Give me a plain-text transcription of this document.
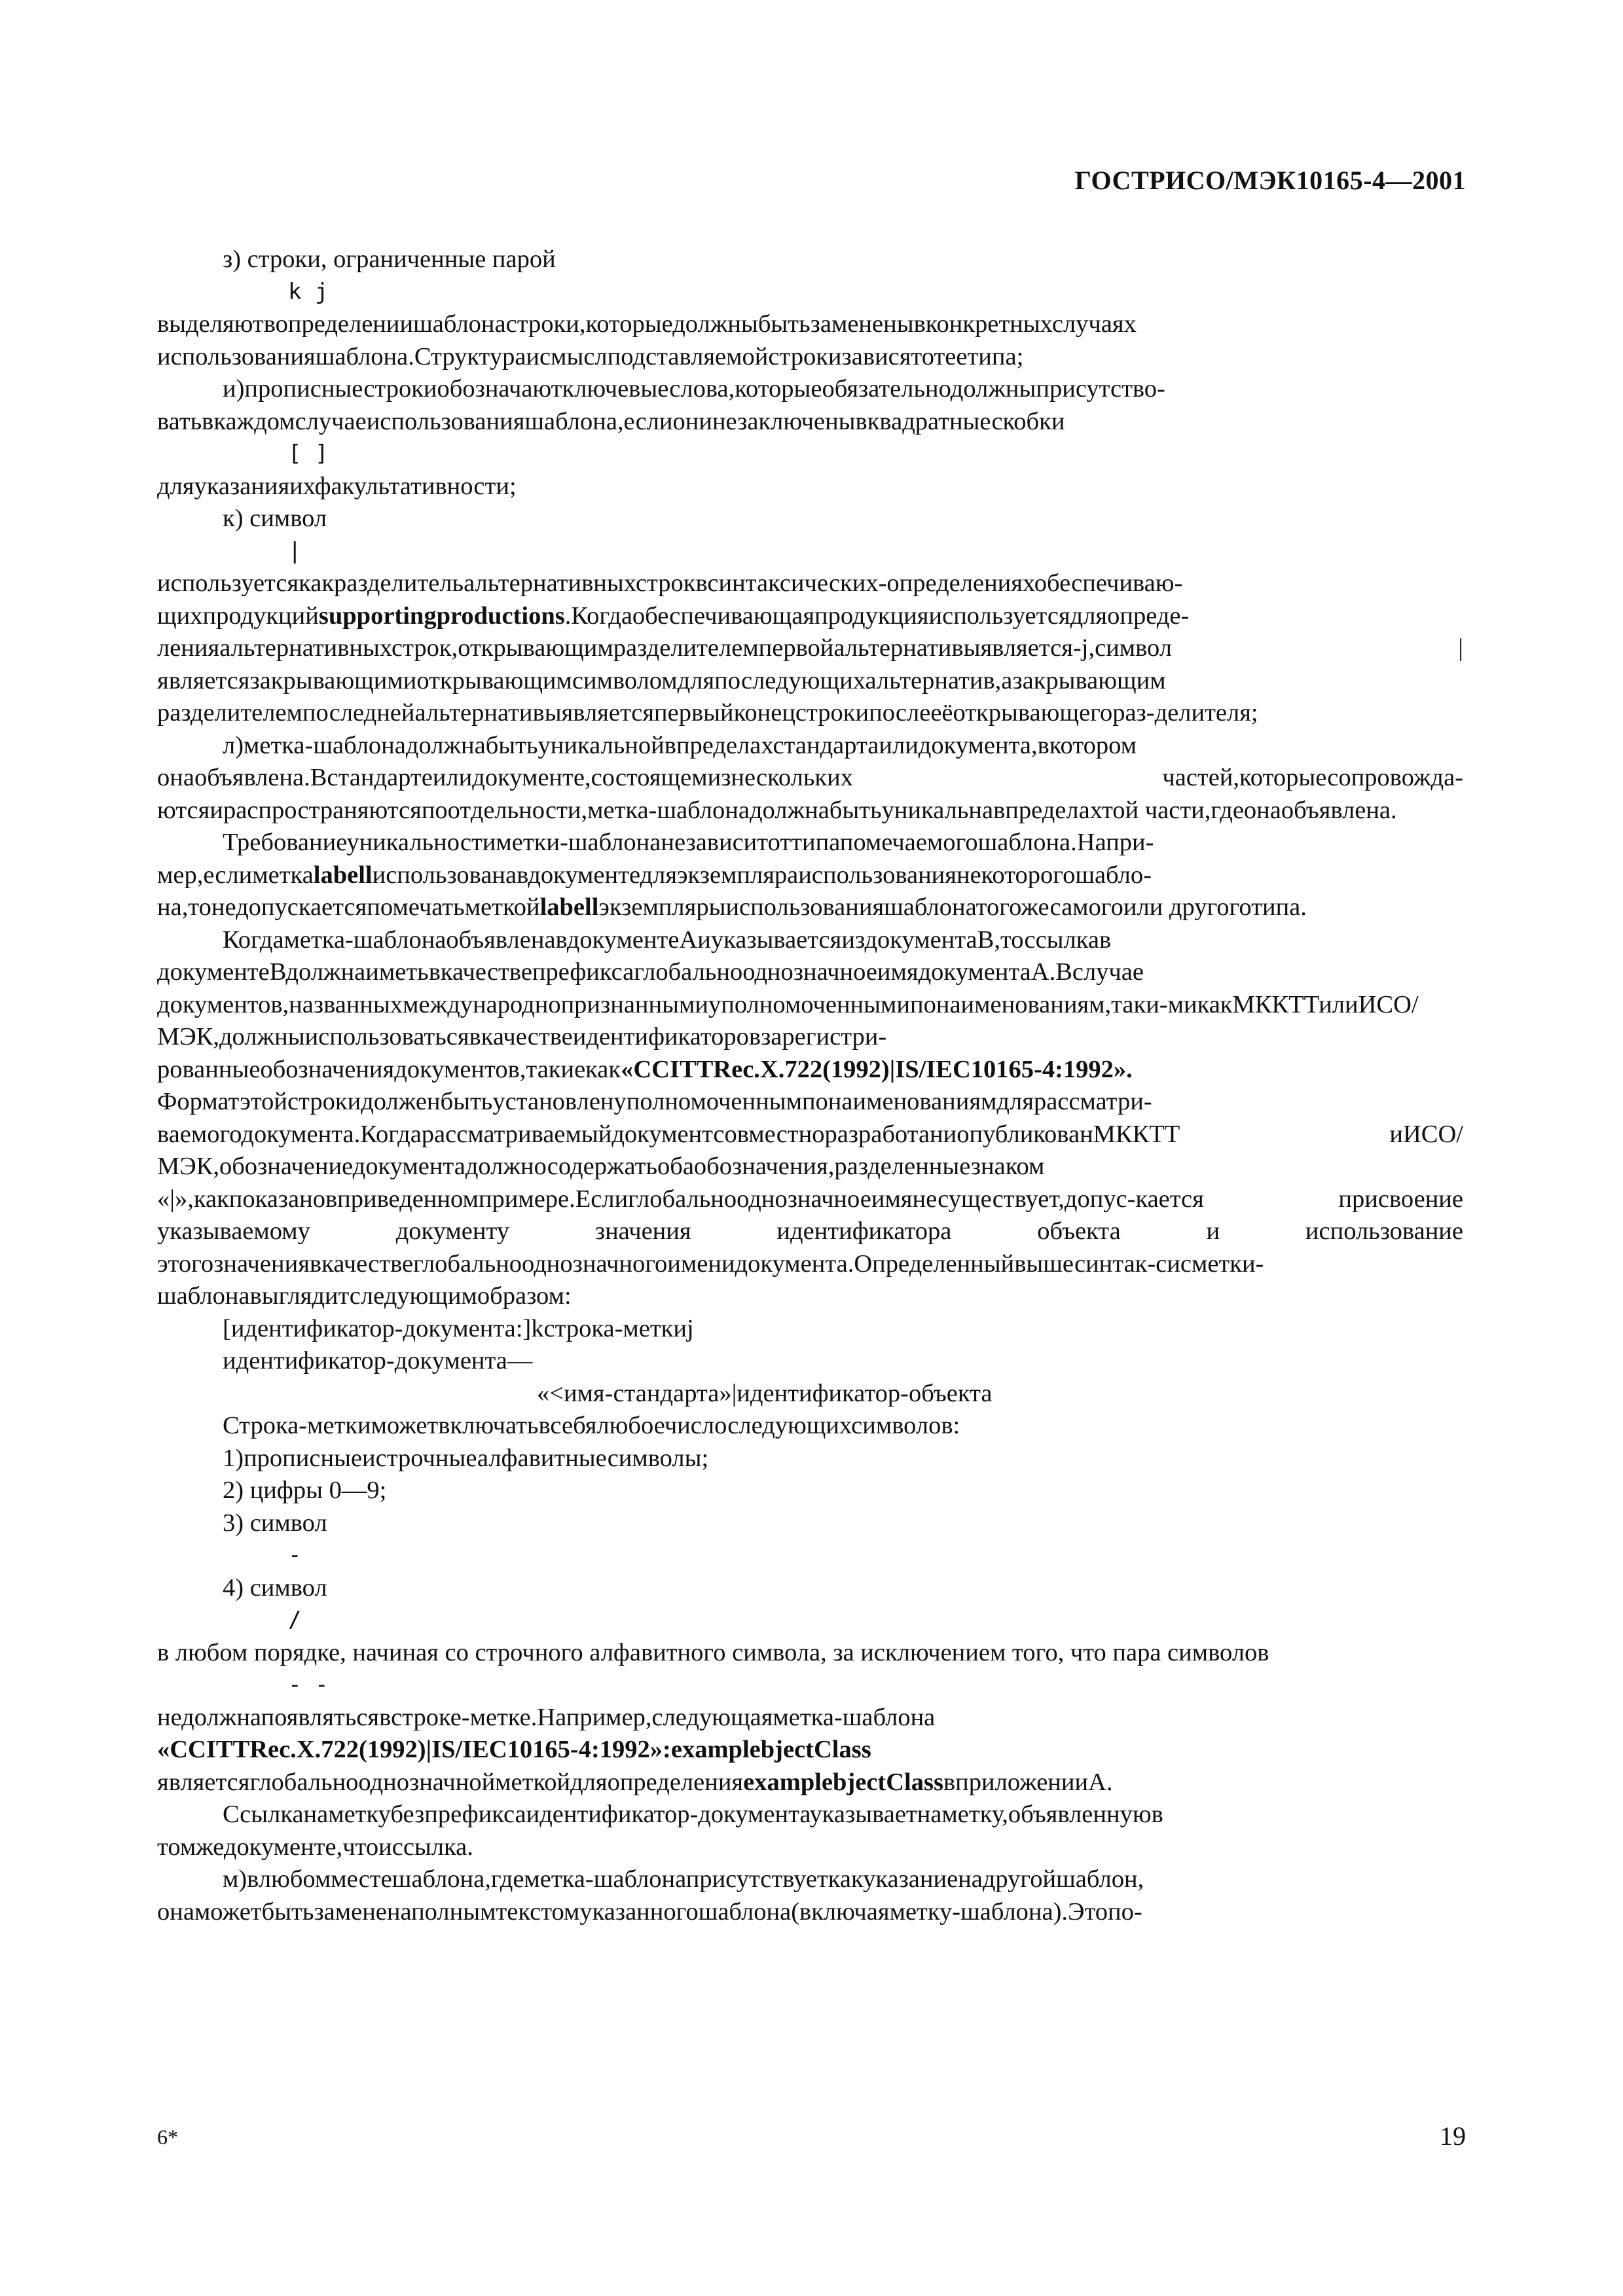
ГОСТРИСО/МЭК10165-4—2001

з) строки, ограниченные парой

k j

выделяютвопределениишаблонастроки,которыедолжныбытьзамененывконкретныхслучаях использованияшаблона.Структураисмыслподставляемойстрокизависятотеетипа;

и)прописныестрокиобозначаютключевыеслова,которыеобязательнодолжныприсутство-ватьвкаждомслучаеиспользованияшаблона,еслионинезаключенывквадратныескобки

[ ]

дляуказанияихфакультативности;

к) символ

|

используетсякакразделительальтернативныхстроквсинтаксических-определенияхобеспечиваю-щихпродукцийsupportingproductions.Когдаобеспечивающаяпродукцияиспользуетсядляопреде-ленияальтернативныхстрок,открывающимразделителемпервойальтернативыявляется-j,символ |являетсязакрывающимиоткрывающимсимволомдляпоследующихальтернатив,азакрывающим разделителемпоследнейальтернативыявляетсяпервыйконецстрокипослееёоткрывающегораз-делителя;

л)метка-шаблонадолжнабытьуникальнойвпределахстандартаилидокумента,вкотором онаобъявлена.Встандартеилидокументе,состоящемизнескольких частей,которыесопровожда-ютсяираспространяютсяпоотдельности,метка-шаблонадолжнабытьуникальнавпределахтой части,гдеонаобъявлена.

Требованиеуникальностиметки-шаблонанезависитоттипапомечаемогошаблона.Напри-мер,еслиметкаlabellиспользованавдокументедляэкземпляраиспользованиянекоторогошабло-на,тонедопускаетсяпомечатьметкойlabellэкземплярыиспользованияшаблонатогожесамогоили другоготипа.

Когдаметка-шаблонаобъявленавдокументеАиуказываетсяиздокументаВ,тоссылкав документеВдолжнаиметьвкачествепрефиксаглобальнооднозначноеимядокументаА.Вслучае документов,названныхмеждународнопризнаннымиуполномоченнымипонаименованиям,таки-микакМККТТилиИСО/МЭК,должныиспользоватьсявкачествеидентификаторовзарегистри-рованныеобозначениядокументов,такиекак«CCITTRec.X.722(1992)|IS/IEC10165-4:1992». Форматэтойстрокидолженбытьустановленуполномоченнымпонаименованиямдлярассматри-ваемогодокумента.КогдарассматриваемыйдокументсовместноразработаниопубликованМККТТ иИСО/МЭК,обозначениедокументадолжносодержатьобаобозначения,разделенныезнаком «|»,какпоказановприведенномпримере.Еслиглобальнооднозначноеимянесуществует,допус-кается присвоение указываемому документу значения идентификатора объекта и использование этогозначениявкачествеглобальнооднозначногоименидокумента.Определенныйвышесинтак-сисметки-шаблонавыглядитследующимобразом:

[идентификатор-документа:]kстрока-меткиj

идентификатор-документа—

«<имя-стандарта»|идентификатор-объекта

Строка-меткиможетвключатьвсебялюбоечислоследующихсимволов:

1)прописныеистрочныеалфавитныесимволы;

2) цифры 0—9;

3) символ

-

4) символ

/

в любом порядке, начиная со строчного алфавитного символа, за исключением того, что пара символов

- -

недолжнапоявлятьсявстроке-метке.Например,следующаяметка-шаблона

«CCITTRec.X.722(1992)|IS/IEC10165-4:1992»:examplebjectClass

являетсяглобальнооднозначнойметкойдляопределенияexamplebjectClassвприложенииА.

Ссылканаметкубезпрефиксаидентификатор-документауказываетнаметку,объявленнуюв томжедокументе,чтоиссылка.

м)влюбомместешаблона,гдеметка-шаблонаприсутствуеткакуказаниенадругойшаблон, онаможетбытьзамененаполнымтекстомуказанногошаблона(включаяметку-шаблона).Этопо-

6*	19
